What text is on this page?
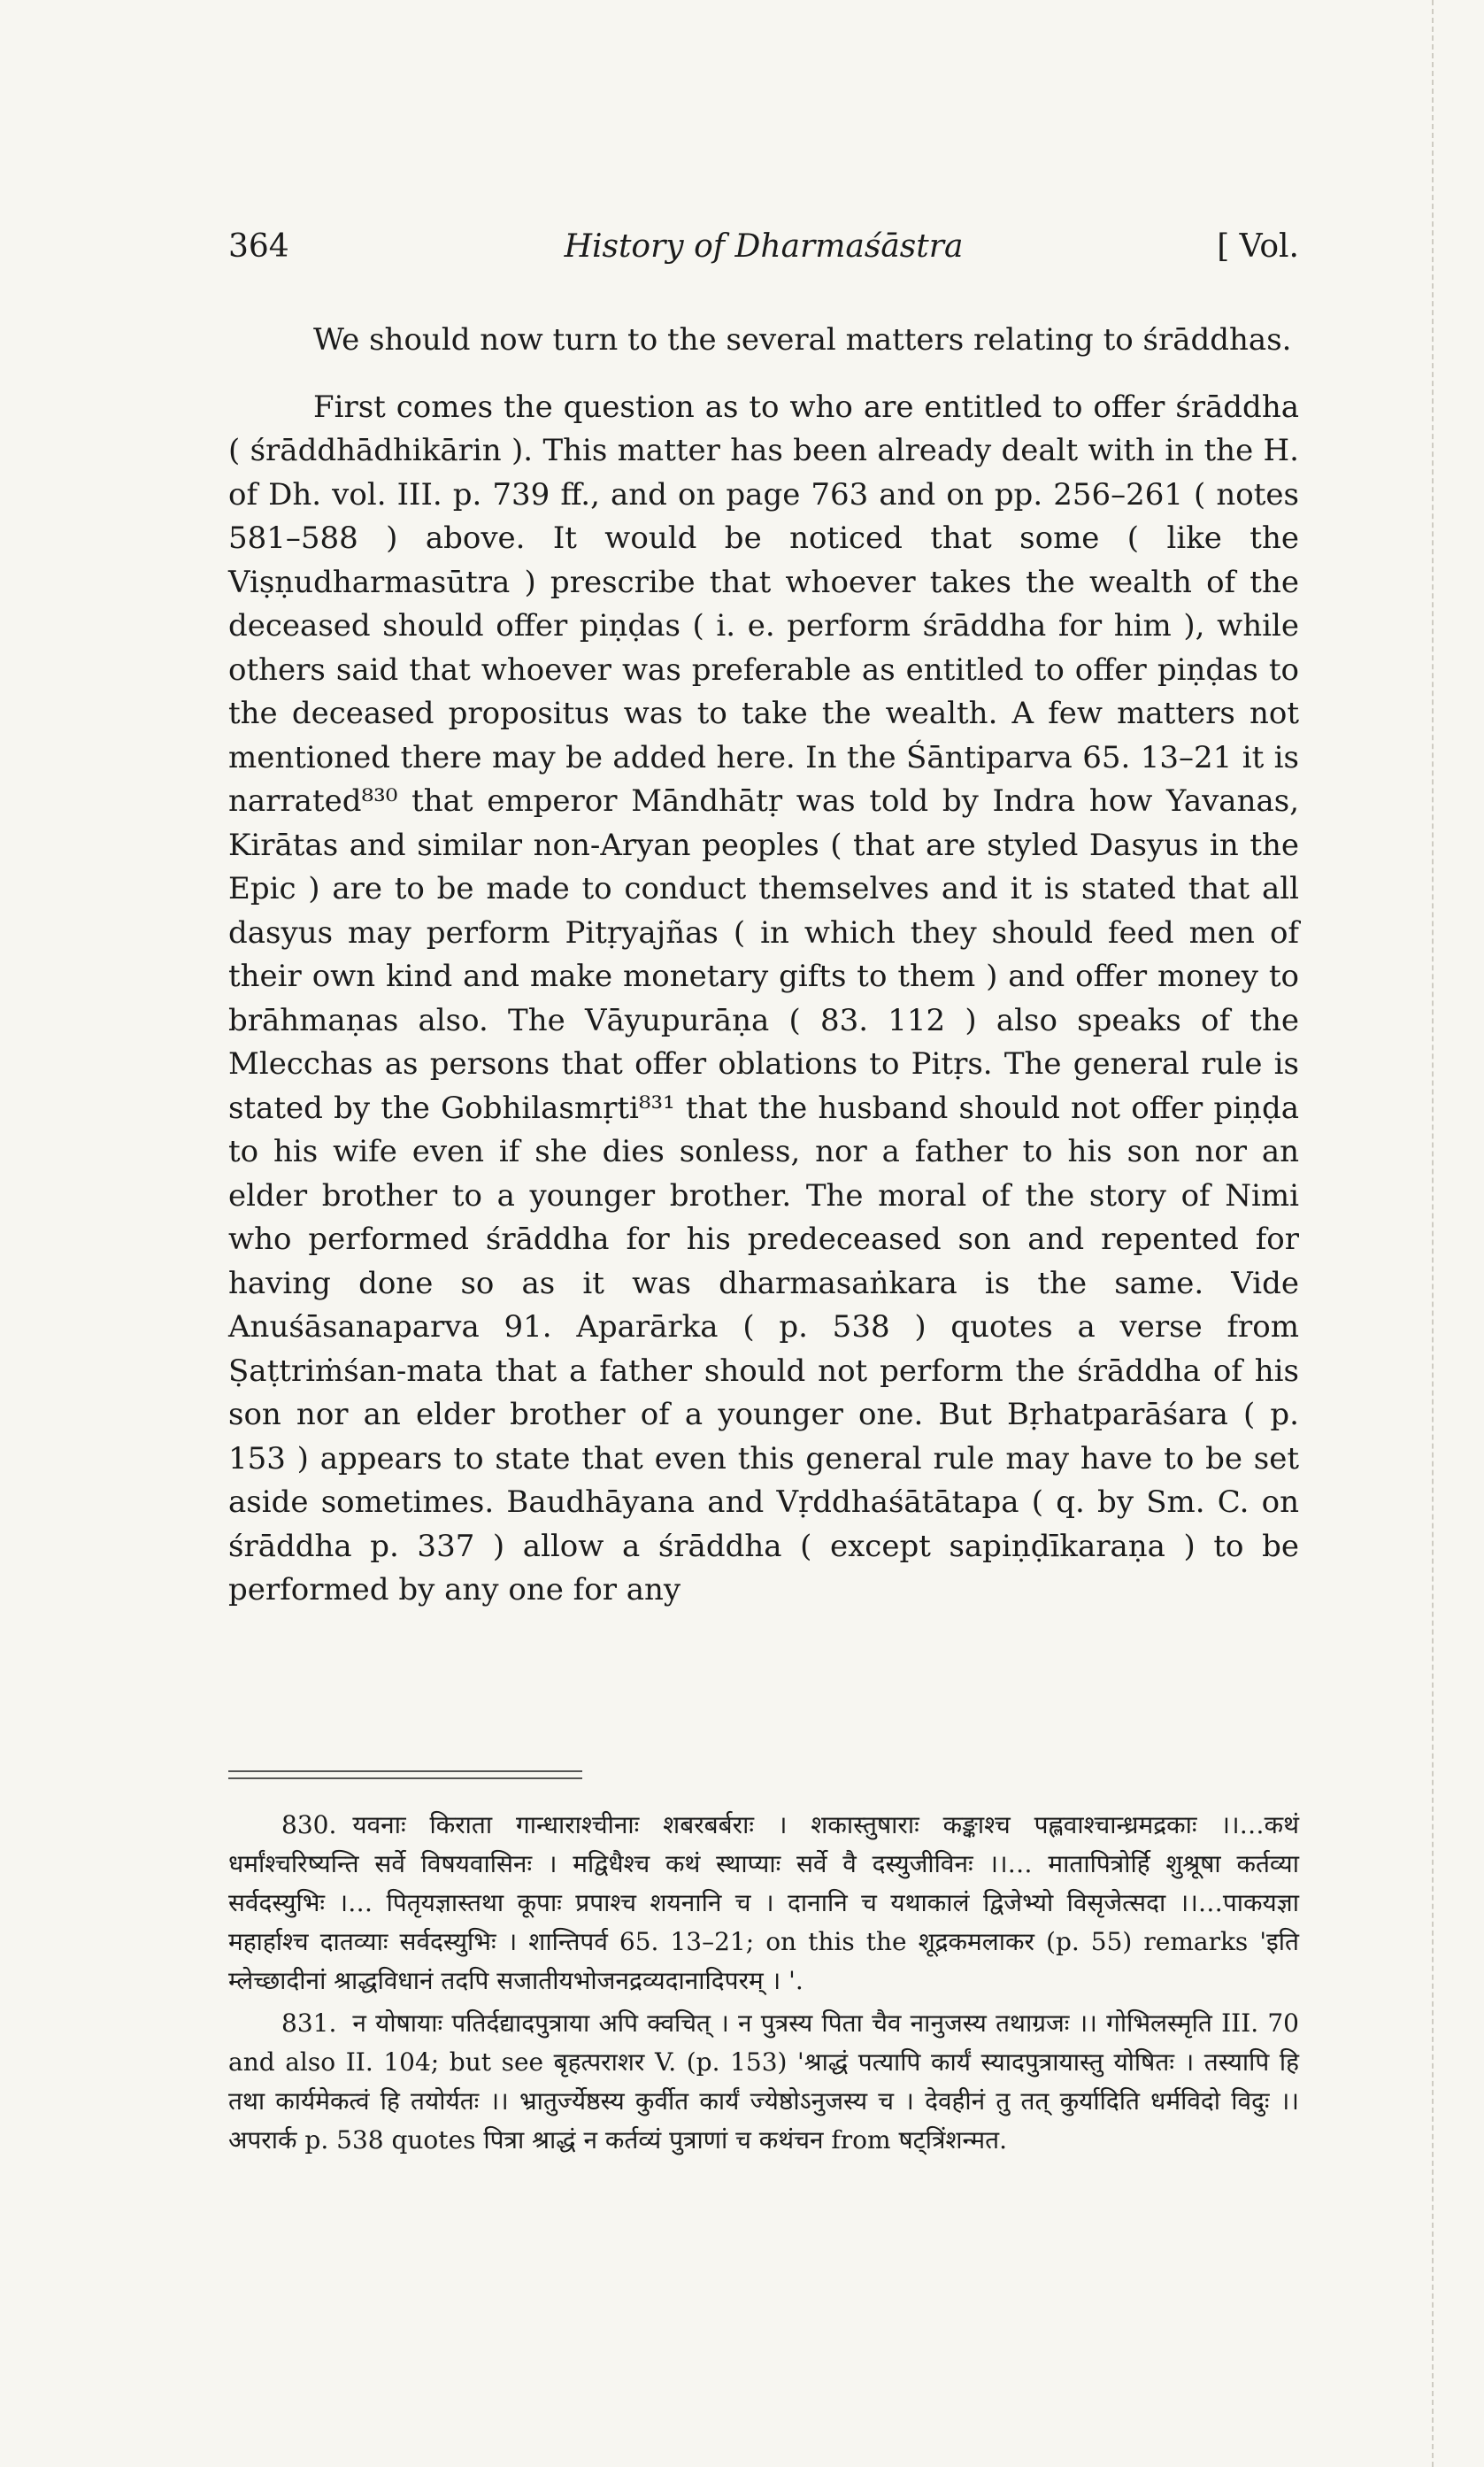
364	History of Dharmaśāstra	[ Vol.

We should now turn to the several matters relating to śrāddhas.

First comes the question as to who are entitled to offer śrāddha ( śrāddhādhikārin ). This matter has been already dealt with in the H. of Dh. vol. III. p. 739 ff., and on page 763 and on pp. 256–261 ( notes 581–588 ) above. It would be noticed that some ( like the Viṣṇudharmasūtra ) prescribe that whoever takes the wealth of the deceased should offer piṇḍas ( i. e. perform śrāddha for him ), while others said that whoever was preferable as entitled to offer piṇḍas to the deceased propositus was to take the wealth. A few matters not mentioned there may be added here. In the Śāntiparva 65. 13–21 it is narrated⁸³⁰ that emperor Māndhātṛ was told by Indra how Yavanas, Kirātas and similar non-Aryan peoples ( that are styled Dasyus in the Epic ) are to be made to conduct themselves and it is stated that all dasyus may perform Pitṛyajñas ( in which they should feed men of their own kind and make monetary gifts to them ) and offer money to brāhmaṇas also. The Vāyupurāṇa ( 83. 112 ) also speaks of the Mlecchas as persons that offer oblations to Pitṛs. The general rule is stated by the Gobhilasmṛti⁸³¹ that the husband should not offer piṇḍa to his wife even if she dies sonless, nor a father to his son nor an elder brother to a younger brother. The moral of the story of Nimi who performed śrāddha for his predeceased son and repented for having done so as it was dharmasaṅkara is the same. Vide Anuśāsanaparva 91. Aparārka ( p. 538 ) quotes a verse from Ṣaṭtriṁśan-mata that a father should not perform the śrāddha of his son nor an elder brother of a younger one. But Bṛhatparāśara ( p. 153 ) appears to state that even this general rule may have to be set aside sometimes. Baudhāyana and Vṛddhaśātātapa ( q. by Sm. C. on śrāddha p. 337 ) allow a śrāddha ( except sapiṇḍīkaraṇa ) to be performed by any one for any

830. यवनाः किराता गान्धाराश्चीनाः शबरबर्बराः । शकास्तुषाराः कङ्काश्च पह्लवाश्चान्ध्रमद्रकाः ।।…कथं धर्मांश्चरिष्यन्ति सर्वे विषयवासिनः । मद्विधैश्च कथं स्थाप्याः सर्वे वै दस्युजीविनः ।।… मातापित्रोर्हि शुश्रूषा कर्तव्या सर्वदस्युभिः ।… पितृयज्ञास्तथा कूपाः प्रपाश्च शयनानि च । दानानि च यथाकालं द्विजेभ्यो विसृजेत्सदा ।।…पाकयज्ञा महार्हाश्च दातव्याः सर्वदस्युभिः । शान्तिपर्व 65. 13–21; on this the शूद्रकमलाकर (p. 55) remarks 'इति म्लेच्छादीनां श्राद्धविधानं तदपि सजातीयभोजनद्रव्यदानादिपरम् । '.

831. न योषायाः पतिर्दद्यादपुत्राया अपि क्वचित् । न पुत्रस्य पिता चैव नानुजस्य तथाग्रजः ।। गोभिलस्मृति III. 70 and also II. 104; but see बृहत्पराशर V. (p. 153) 'श्राद्धं पत्यापि कार्यं स्यादपुत्रायास्तु योषितः । तस्यापि हि तथा कार्यमेकत्वं हि तयोर्यतः ।। भ्रातुर्ज्येष्ठस्य कुर्वीत कार्यं ज्येष्ठोऽनुजस्य च । देवहीनं तु तत् कुर्यादिति धर्मविदो विदुः ।। अपरार्क p. 538 quotes पित्रा श्राद्धं न कर्तव्यं पुत्राणां च कथंचन from षट्त्रिंशन्मत.
